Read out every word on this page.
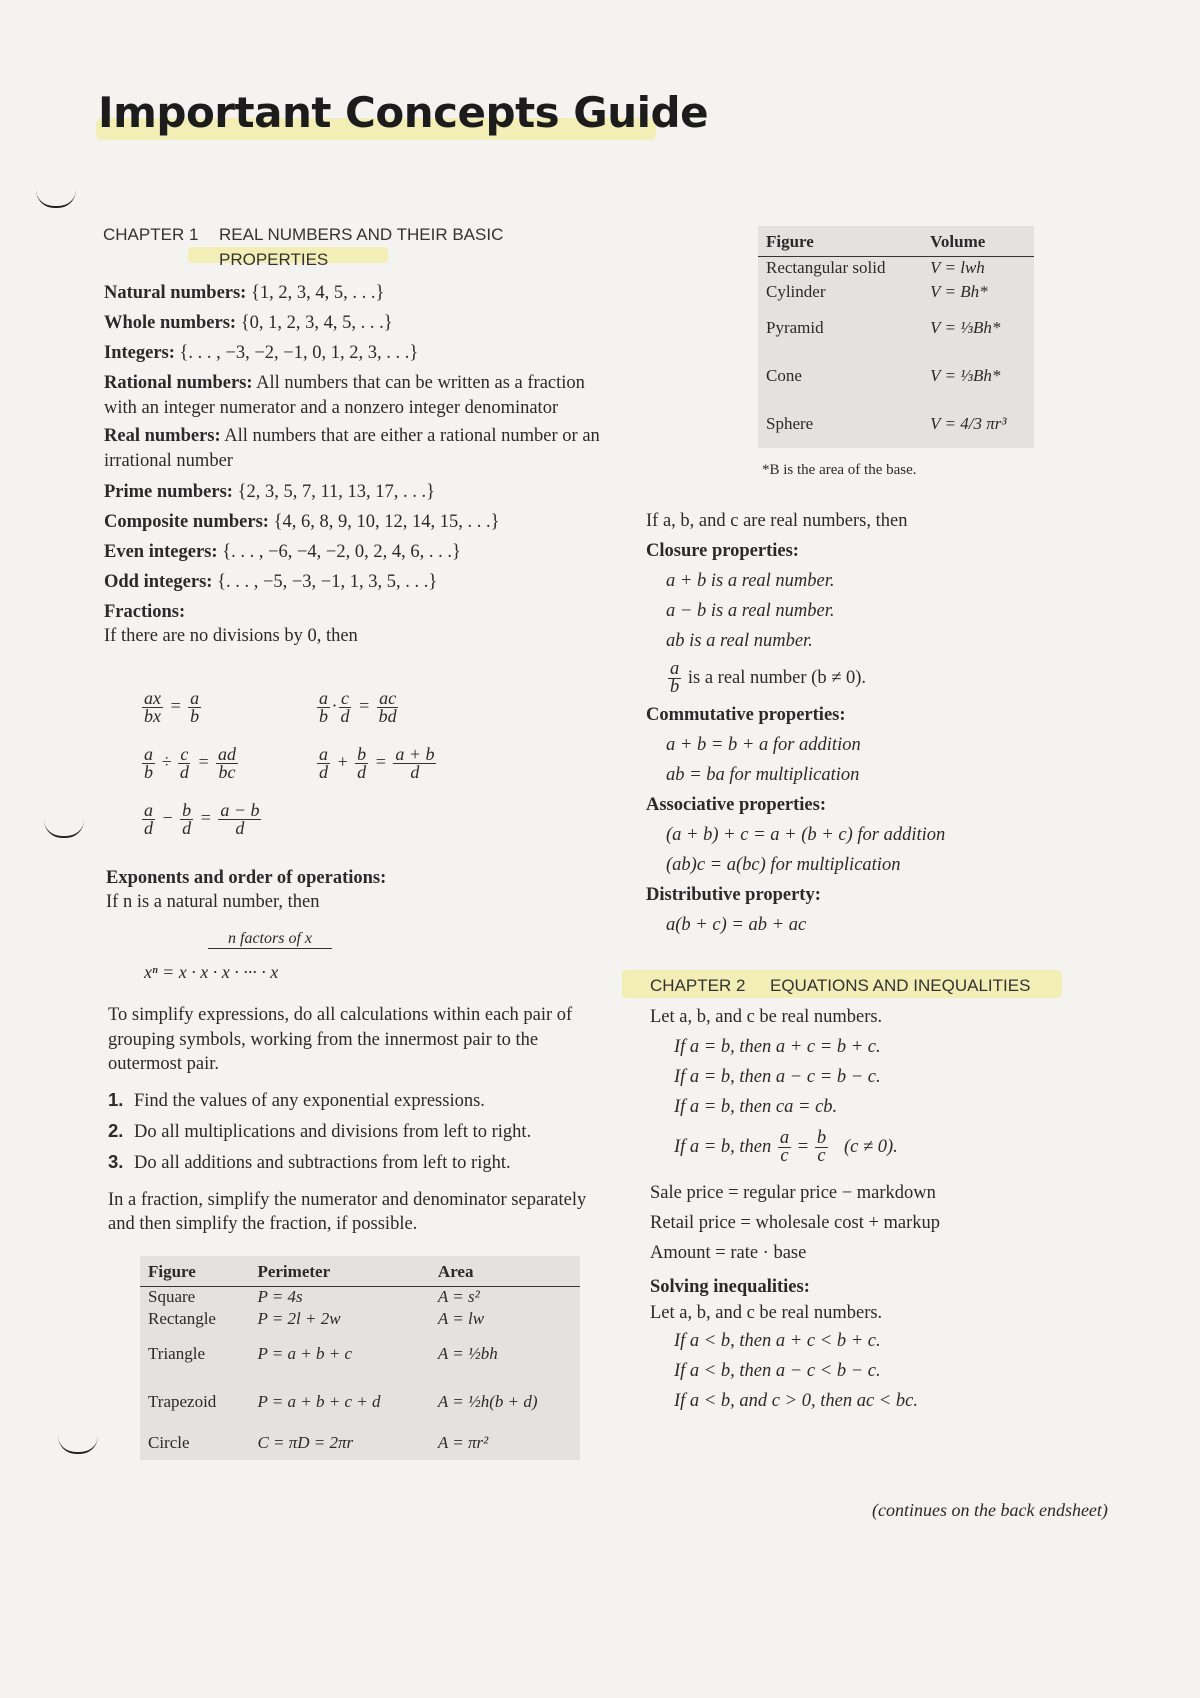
Important Concepts Guide
CHAPTER 1 REAL NUMBERS AND THEIR BASIC
PROPERTIES

Natural numbers: {1, 2, 3, 4, 5, . . .}

Whole numbers: {0, 1, 2, 3, 4, 5, . . .}

Integers: {. . . , −3, −2, −1, 0, 1, 2, 3, . . .}

Rational numbers: All numbers that can be written as a fraction with an integer numerator and a nonzero integer denominator

Real numbers: All numbers that are either a rational number or an irrational number

Prime numbers: {2, 3, 5, 7, 11, 13, 17, . . .}

Composite numbers: {4, 6, 8, 9, 10, 12, 14, 15, . . .}

Even integers: {. . . , −6, −4, −2, 0, 2, 4, 6, . . .}

Odd integers: {. . . , −5, −3, −1, 1, 3, 5, . . .}

Fractions:

If there are no divisions by 0, then

$\frac{ax}{bx} = \frac{a}{b}$	$\frac{a}{b} \cdot \frac{c}{d} = \frac{ac}{bd}$
$\frac{a}{b} \div \frac{c}{d} = \frac{ad}{bc}$	$\frac{a}{d} + \frac{b}{d} = \frac{a + b}{d}$
$\frac{a}{d} - \frac{b}{d} = \frac{a - b}{d}$

Exponents and order of operations:

If n is a natural number, then

n factors of x
xⁿ = x · x · x · ··· · x

To simplify expressions, do all calculations within each pair of grouping symbols, working from the innermost pair to the outermost pair.

1. Find the values of any exponential expressions.

2. Do all multiplications and divisions from left to right.

3. Do all additions and subtractions from left to right.

In a fraction, simplify the numerator and denominator separately and then simplify the fraction, if possible.

Figure	Perimeter	Area
Square	P = 4s	A = s²
Rectangle	P = 2l + 2w	A = lw
Triangle	P = a + b + c	A = ½bh
Trapezoid	P = a + b + c + d	A = ½h(b + d)
Circle	C = πD = 2πr	A = πr²
Figure	Volume
Rectangular solid	V = lwh
Cylinder	V = Bh*
Pyramid	V = ⅓Bh*
Cone	V = ⅓Bh*
Sphere	V = 4/3 πr³
*B is the area of the base.

If a, b, and c are real numbers, then

Closure properties:

a + b is a real number.

a − b is a real number.

ab is a real number.

$\frac{a}{b}$ is a real number (b ≠ 0).

Commutative properties:

a + b = b + a for addition

ab = ba for multiplication

Associative properties:

(a + b) + c = a + (b + c) for addition

(ab)c = a(bc) for multiplication

Distributive property:

a(b + c) = ab + ac

CHAPTER 2 EQUATIONS AND INEQUALITIES

Let a, b, and c be real numbers.

If a = b, then a + c = b + c.

If a = b, then a − c = b − c.

If a = b, then ca = cb.

If a = b, then $\frac{a}{c} = \frac{b}{c} (c \ne 0)$.

Sale price = regular price − markdown

Retail price = wholesale cost + markup

Amount = rate · base

Solving inequalities:

Let a, b, and c be real numbers.

If a < b, then a + c < b + c.

If a < b, then a − c < b − c.

If a < b, and c > 0, then ac < bc.

(continues on the back endsheet)
